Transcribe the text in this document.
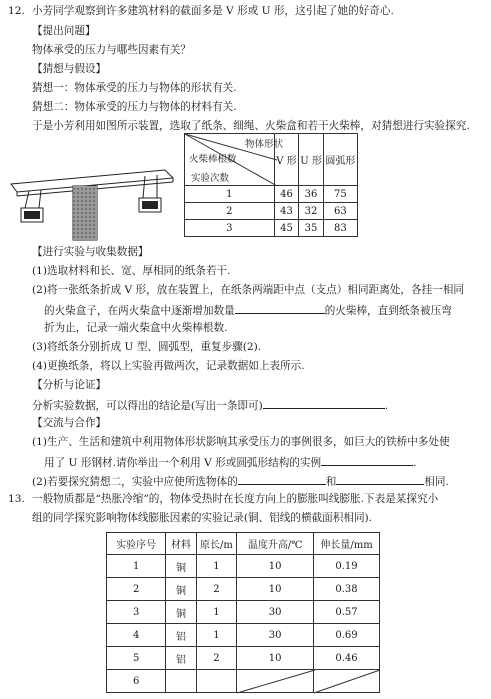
12. 小芳同学观察到许多建筑材料的截面多是 V 形或 U 形，这引起了她的好奇心.
【提出问题】
物体承受的压力与哪些因素有关？
【猜想与假设】
猜想一：物体承受的压力与物体的形状有关.
猜想二：物体承受的压力与物体的材料有关.
于是小芳利用如图所示装置，选取了纸条、细绳、火柴盒和若干火柴棒，对猜想进行实验探究.
物体形状
火柴棒根数
实验次数	V 形	U 形	圆弧形
1	46	36	75
2	43	32	63
3	45	35	83
【进行实验与收集数据】
(1)选取材料和长、宽、厚相同的纸条若干.
(2)将一张纸条折成 V 形，放在装置上，在纸条两端距中点（支点）相同距离处，各挂一相同
的火柴盒子，在两火柴盒中逐渐增加数量	的火柴棒，直到纸条被压弯
折为止，记录一端火柴盒中火柴棒根数.
(3)将纸条分别折成 U 型、圆弧型，重复步骤(2).
(4)更换纸条，将以上实验再做两次，记录数据如上表所示.
【分析与论证】
分析实验数据，可以得出的结论是(写出一条即可)	.
【交流与合作】
(1)生产、生活和建筑中利用物体形状影响其承受压力的事例很多，如巨大的铁桥中多处使
用了 U 形钢材.请你举出一个利用 V 形或圆弧形结构的实例	.
(2)若要探究猜想二，实验中应使所选物体的	和	相同.
13. 一般物质都是“热胀冷缩”的，物体受热时在长度方向上的膨胀叫线膨胀.下表是某探究小
组的同学探究影响物体线膨胀因素的实验记录(铜、铝线的横截面积相同).
实验序号	材料	原长/m	温度升高/℃	伸长量/mm
1	铜	1	10	0.19
2	铜	2	10	0.38
3	铜	1	30	0.57
4	铝	1	30	0.69
5	铝	2	10	0.46
6			
